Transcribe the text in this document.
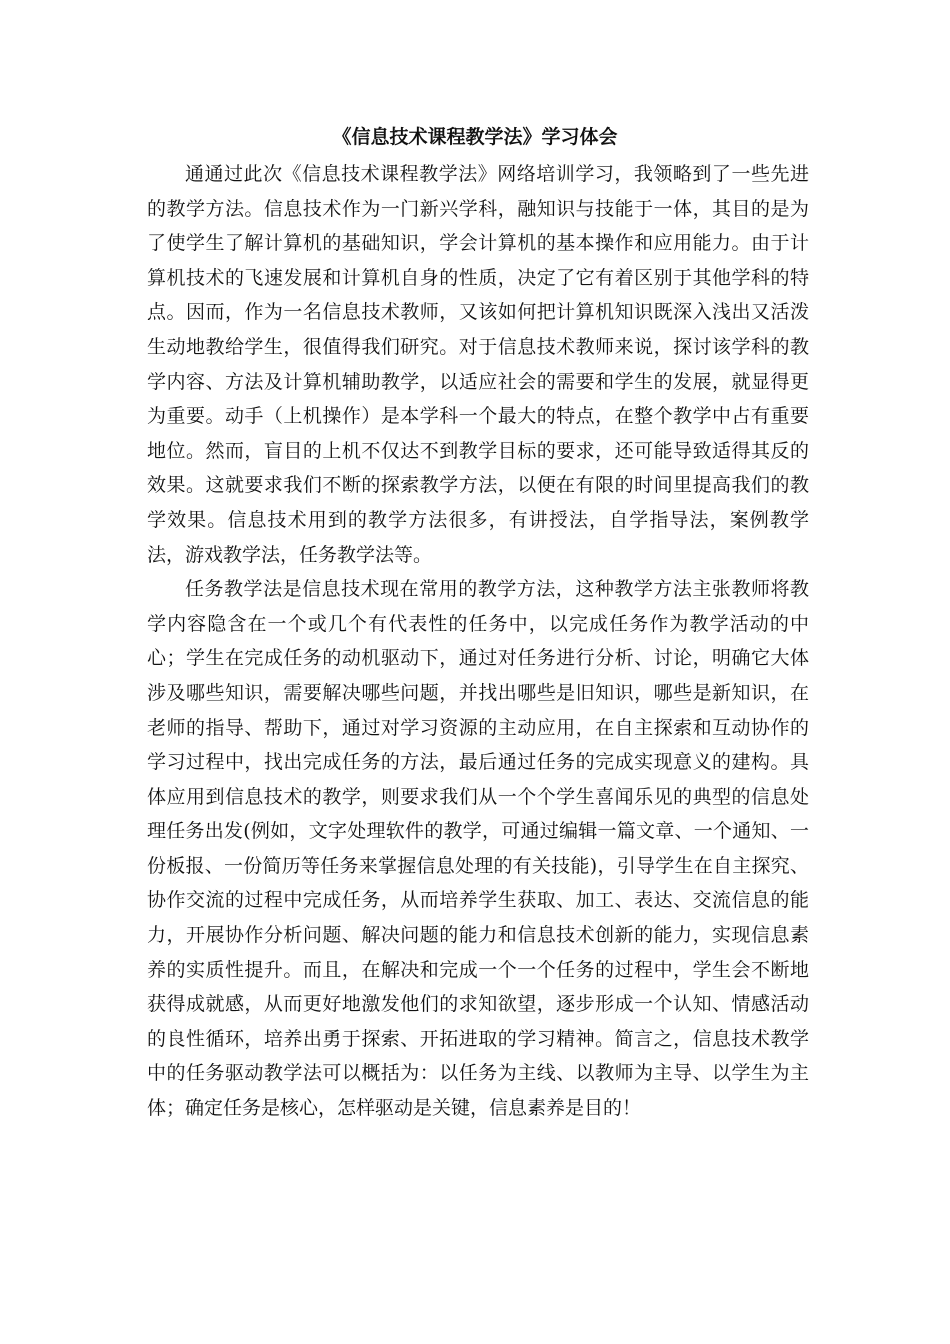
《信息技术课程教学法》学习体会

通通过此次《信息技术课程教学法》网络培训学习，我领略到了一些先进的教学方法。信息技术作为一门新兴学科，融知识与技能于一体，其目的是为了使学生了解计算机的基础知识，学会计算机的基本操作和应用能力。由于计算机技术的飞速发展和计算机自身的性质，决定了它有着区别于其他学科的特点。因而，作为一名信息技术教师，又该如何把计算机知识既深入浅出又活泼生动地教给学生，很值得我们研究。对于信息技术教师来说，探讨该学科的教学内容、方法及计算机辅助教学，以适应社会的需要和学生的发展，就显得更为重要。动手（上机操作）是本学科一个最大的特点，在整个教学中占有重要地位。然而，盲目的上机不仅达不到教学目标的要求，还可能导致适得其反的效果。这就要求我们不断的探索教学方法，以便在有限的时间里提高我们的教学效果。信息技术用到的教学方法很多，有讲授法，自学指导法，案例教学法，游戏教学法，任务教学法等。

任务教学法是信息技术现在常用的教学方法，这种教学方法主张教师将教学内容隐含在一个或几个有代表性的任务中，以完成任务作为教学活动的中心；学生在完成任务的动机驱动下，通过对任务进行分析、讨论，明确它大体涉及哪些知识，需要解决哪些问题，并找出哪些是旧知识，哪些是新知识，在老师的指导、帮助下，通过对学习资源的主动应用，在自主探索和互动协作的学习过程中，找出完成任务的方法，最后通过任务的完成实现意义的建构。具体应用到信息技术的教学，则要求我们从一个个学生喜闻乐见的典型的信息处理任务出发(例如，文字处理软件的教学，可通过编辑一篇文章、一个通知、一份板报、一份简历等任务来掌握信息处理的有关技能)，引导学生在自主探究、协作交流的过程中完成任务，从而培养学生获取、加工、表达、交流信息的能力，开展协作分析问题、解决问题的能力和信息技术创新的能力，实现信息素养的实质性提升。而且，在解决和完成一个一个任务的过程中，学生会不断地获得成就感，从而更好地激发他们的求知欲望，逐步形成一个认知、情感活动的良性循环，培养出勇于探索、开拓进取的学习精神。简言之，信息技术教学中的任务驱动教学法可以概括为：以任务为主线、以教师为主导、以学生为主体；确定任务是核心，怎样驱动是关键，信息素养是目的！
